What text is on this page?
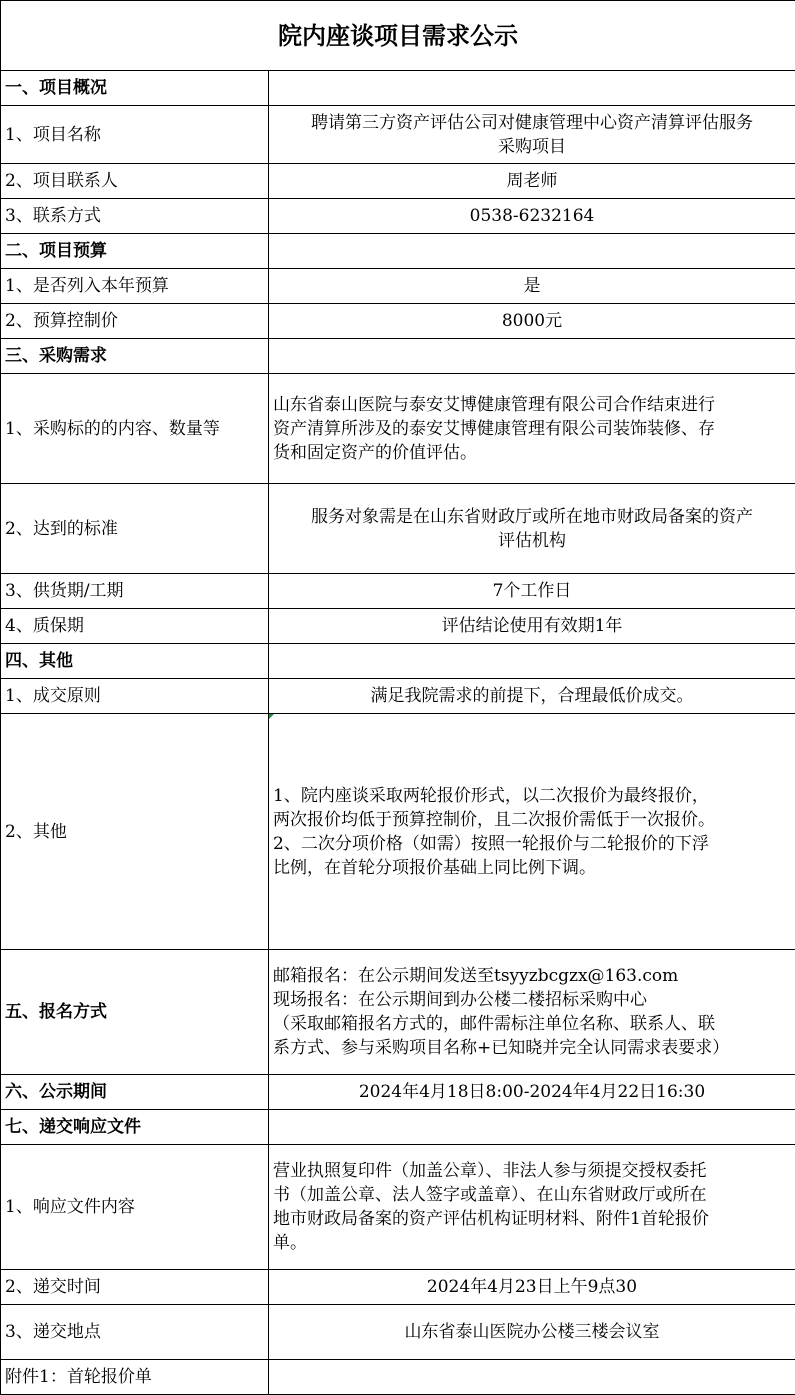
院内座谈项目需求公示	
一、项目概况	
1、项目名称	聘请第三方资产评估公司对健康管理中心资产清算评估服务
采购项目

2、项目联系人	周老师
3、联系方式	0538-6232164
二、项目预算	
1、是否列入本年预算	是
2、预算控制价	8000元
三、采购需求	
1、采购标的的内容、数量等	山东省泰山医院与泰安艾博健康管理有限公司合作结束进行
资产清算所涉及的泰安艾博健康管理有限公司装饰装修、存
货和固定资产的价值评估。

2、达到的标准	服务对象需是在山东省财政厅或所在地市财政局备案的资产
评估机构

3、供货期/工期	7个工作日
4、质保期	评估结论使用有效期1年
四、其他	
1、成交原则	满足我院需求的前提下，合理最低价成交。
2、其他	1、院内座谈采取两轮报价形式，以二次报价为最终报价，
两次报价均低于预算控制价，且二次报价需低于一次报价。
2、二次分项价格（如需）按照一轮报价与二轮报价的下浮
比例，在首轮分项报价基础上同比例下调。

五、报名方式	邮箱报名：在公示期间发送至tsyyzbcgzx@163.com
现场报名：在公示期间到办公楼二楼招标采购中心
（采取邮箱报名方式的，邮件需标注单位名称、联系人、联
系方式、参与采购项目名称+已知晓并完全认同需求表要求）

六、公示期间	2024年4月18日8:00-2024年4月22日16:30
七、递交响应文件	
1、响应文件内容	营业执照复印件（加盖公章）、非法人参与须提交授权委托
书（加盖公章、法人签字或盖章）、在山东省财政厅或所在
地市财政局备案的资产评估机构证明材料、附件1首轮报价
单。

2、递交时间	2024年4月23日上午9点30
3、递交地点	山东省泰山医院办公楼三楼会议室
附件1：首轮报价单	
